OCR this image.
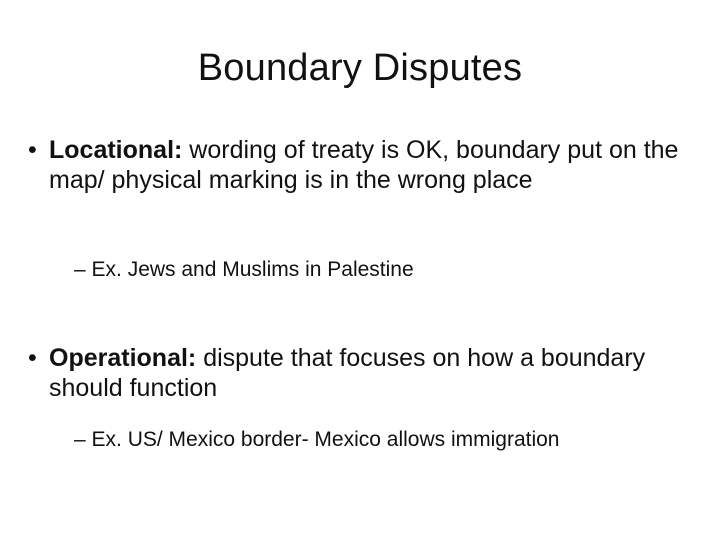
Boundary Disputes
• Locational: wording of treaty is OK, boundary put on the map/ physical marking is in the wrong place
– Ex. Jews and Muslims in Palestine
• Operational: dispute that focuses on how a boundary should function
– Ex. US/ Mexico border- Mexico allows immigration
